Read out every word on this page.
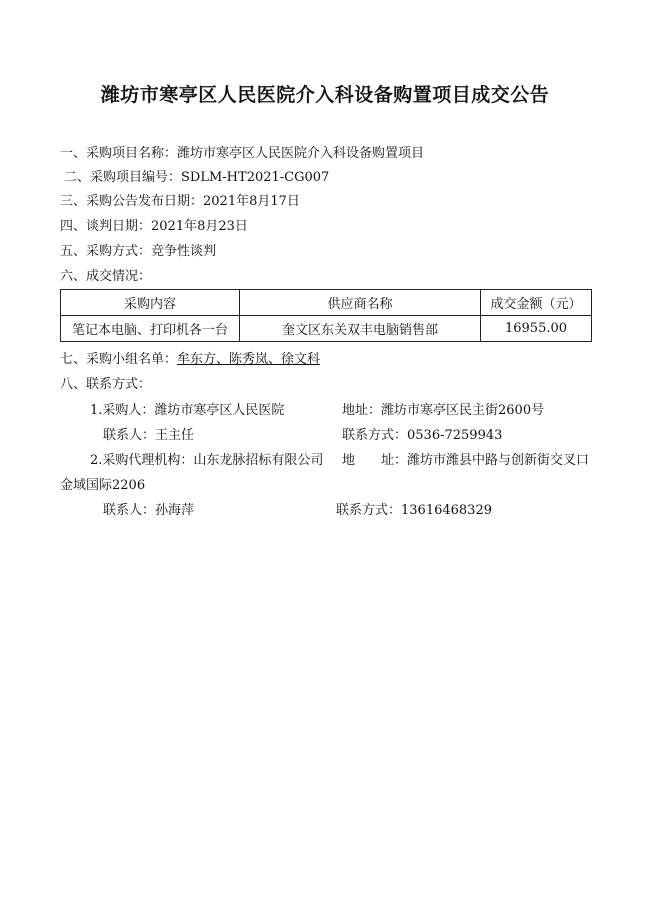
潍坊市寒亭区人民医院介入科设备购置项目成交公告
一、采购项目名称：潍坊市寒亭区人民医院介入科设备购置项目
二、采购项目编号：SDLM-HT2021-CG007
三、采购公告发布日期：2021年8月17日
四、谈判日期：2021年8月23日
五、采购方式：竞争性谈判
六、成交情况：
采购内容	供应商名称	成交金额（元）
笔记本电脑、打印机各一台	奎文区东关双丰电脑销售部	16955.00
七、采购小组名单：牟东方、陈秀岚、徐文科
八、联系方式：
1.采购人：潍坊市寒亭区人民医院	地址：潍坊市寒亭区民主街2600号
联系人：王主任	联系方式：0536-7259943
2.采购代理机构：山东龙脉招标有限公司 地　　址：潍坊市潍县中路与创新街交叉口
金域国际2206
联系人：孙海萍	联系方式：13616468329
